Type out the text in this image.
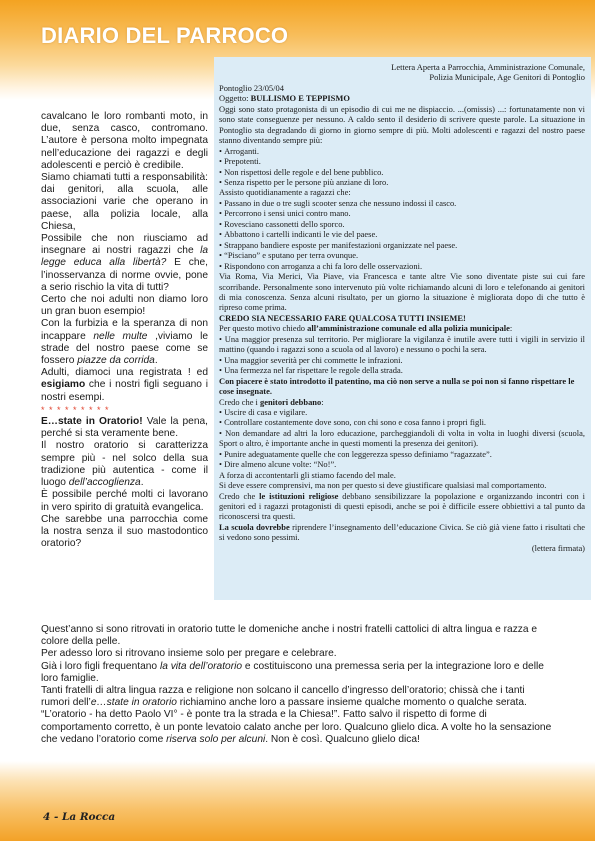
DIARIO DEL PARROCO

Lettera Aperta a Parrocchia, Amministrazione Comunale,

Polizia Municipale, Age Genitori di Pontoglio

Pontoglio 23/05/04

Oggetto: BULLISMO E TEPPISMO

Oggi sono stato protagonista di un episodio di cui me ne dispiaccio. ...(omissis) ...: fortunatamente non vi sono state conseguenze per nessuno. A caldo sento il desiderio di scrivere queste parole. La situazione in Pontoglio sta degradando di giorno in giorno sempre di più. Molti adolescenti e ragazzi del nostro paese stanno diventando sempre più:

• Arroganti.

• Prepotenti.

• Non rispettosi delle regole e del bene pubblico.

• Senza rispetto per le persone più anziane di loro.

Assisto quotidianamente a ragazzi che:

• Passano in due o tre sugli scooter senza che nessuno indossi il casco.

• Percorrono i sensi unici contro mano.

• Rovesciano cassonetti dello sporco.

• Abbattono i cartelli indicanti le vie del paese.

• Strappano bandiere esposte per manifestazioni organizzate nel paese.

• “Pisciano” e sputano per terra ovunque.

• Rispondono con arroganza a chi fa loro delle osservazioni.

Via Roma, Via Merici, Via Piave, via Francesca e tante altre Vie sono diventate piste sui cui fare scorribande. Personalmente sono intervenuto più volte richiamando alcuni di loro e telefonando ai genitori di mia conoscenza. Senza alcuni risultato, per un giorno la situazione è migliorata dopo di che tutto è ripreso come prima.

CREDO SIA NECESSARIO FARE QUALCOSA TUTTI INSIEME!

Per questo motivo chiedo all’amministrazione comunale ed alla polizia municipale:

• Una maggior presenza sul territorio. Per migliorare la vigilanza è inutile avere tutti i vigili in servizio il mattino (quando i ragazzi sono a scuola od al lavoro) e nessuno o pochi la sera.

• Una maggior severità per chi commette le infrazioni.

• Una fermezza nel far rispettare le regole della strada.

Con piacere è stato introdotto il patentino, ma ciò non serve a nulla se poi non si fanno rispettare le cose insegnate.

Credo che i genitori debbano:

• Uscire di casa e vigilare.

• Controllare costantemente dove sono, con chi sono e cosa fanno i propri figli.

• Non demandare ad altri la loro educazione, parcheggiandoli di volta in volta in luoghi diversi (scuola, Sport o altro, è importante anche in questi momenti la presenza dei genitori).

• Punire adeguatamente quelle che con leggerezza spesso definiamo “ragazzate”.

• Dire almeno alcune volte: “No!”.

A forza di accontentarli gli stiamo facendo del male.

Si deve essere comprensivi, ma non per questo si deve giustificare qualsiasi mal comportamento.

Credo che le istituzioni religiose debbano sensibilizzare la popolazione e organizzando incontri con i genitori ed i ragazzi protagonisti di questi episodi, anche se poi è difficile essere obbiettivi a tal punto da riconoscersi tra questi.

La scuola dovrebbe riprendere l’insegnamento dell’educazione Civica. Se ciò già viene fatto i risultati che si vedono sono pessimi.

(lettera firmata)

cavalcano le loro rombanti moto, in due, senza casco, contromano. L’autore è persona molto impegnata nell’educazione dei ragazzi e degli adolescenti e perciò è credibile.

Siamo chiamati tutti a responsabilità: dai genitori, alla scuola, alle associazioni varie che operano in paese, alla polizia locale, alla Chiesa,

Possibile che non riusciamo ad insegnare ai nostri ragazzi che la legge educa alla libertà? E che, l’inosservanza di norme ovvie, pone a serio rischio la vita di tutti?

Certo che noi adulti non diamo loro un gran buon esempio!

Con la furbizia e la speranza di non incappare nelle multe ,viviamo le strade del nostro paese come se fossero piazze da corrida.

Adulti, diamoci una registrata ! ed esigiamo che i nostri figli seguano i nostri esempi.

* * * * * * * * *

E…state in Oratorio! Vale la pena, perché si sta veramente bene.

Il nostro oratorio si caratterizza sempre più - nel solco della sua tradizione più autentica - come il luogo dell’accoglienza.

È possibile perché molti ci lavorano in vero spirito di gratuità evangelica.

Che sarebbe una parrocchia come la nostra senza il suo mastodontico oratorio?

Quest’anno si sono ritrovati in oratorio tutte le domeniche anche i nostri fratelli cattolici di altra lingua e razza e colore della pelle.

Per adesso loro si ritrovano insieme solo per pregare e celebrare.

Già i loro figli frequentano la vita dell’oratorio e costituiscono una premessa seria per la integrazione loro e delle loro famiglie.

Tanti fratelli di altra lingua razza e religione non solcano il cancello d’ingresso dell’oratorio; chissà che i tanti rumori dell’e…state in oratorio richiamino anche loro a passare insieme qualche momento o qualche serata.

“L’oratorio - ha detto Paolo VI° - è ponte tra la strada e la Chiesa!”. Fatto salvo il rispetto di forme di comportamento corretto, è un ponte levatoio calato anche per loro. Qualcuno glielo dica. A volte ho la sensazione che vedano l’oratorio come riserva solo per alcuni. Non è così. Qualcuno glielo dica!

4 - La Rocca
